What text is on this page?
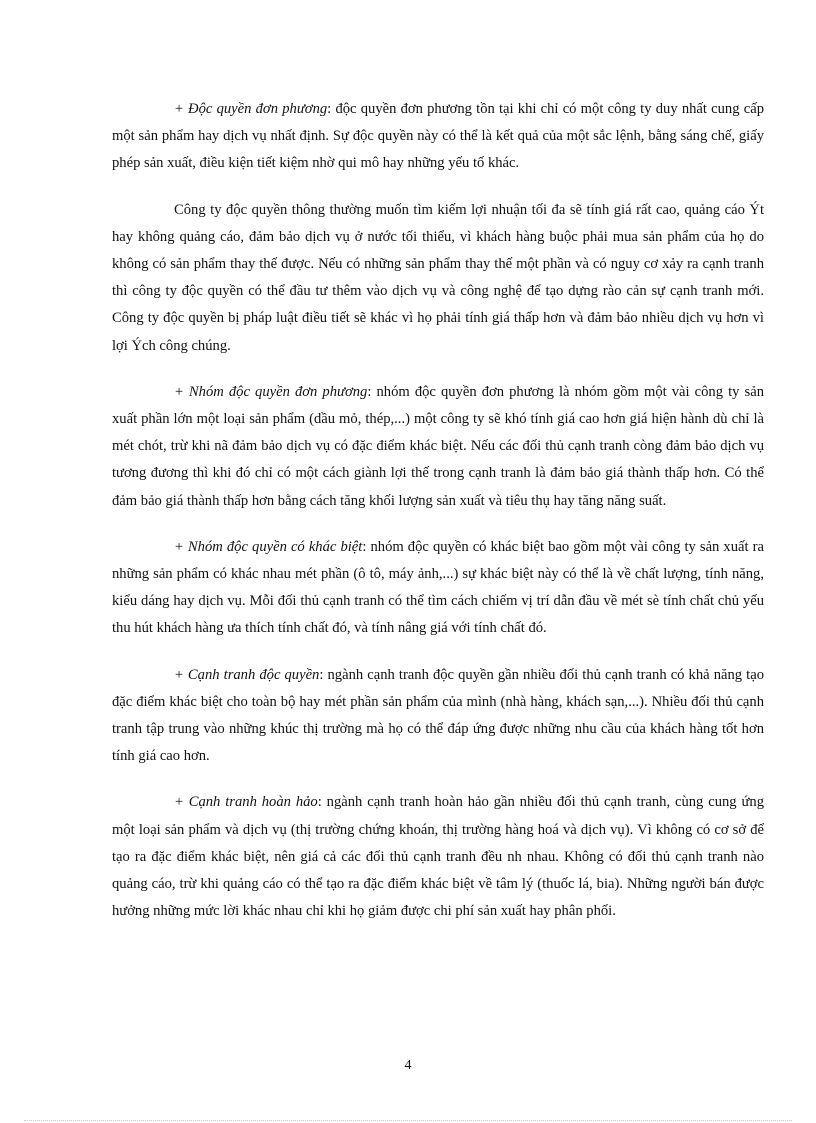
+ Độc quyền đơn phương: độc quyền đơn phương tồn tại khi chỉ có một công ty duy nhất cung cấp một sản phẩm hay dịch vụ nhất định. Sự độc quyền này có thể là kết quả của một sắc lệnh, bằng sáng chế, giấy phép sản xuất, điều kiện tiết kiệm nhờ qui mô hay những yếu tố khác.

Công ty độc quyền thông thường muốn tìm kiếm lợi nhuận tối đa sẽ tính giá rất cao, quảng cáo Ýt hay không quảng cáo, đảm bảo dịch vụ ở nước tối thiểu, vì khách hàng buộc phải mua sản phẩm của họ do không có sản phẩm thay thế được. Nếu có những sản phẩm thay thế một phần và có nguy cơ xảy ra cạnh tranh thì công ty độc quyền có thể đầu tư thêm vào dịch vụ và công nghệ để tạo dựng rào cản sự cạnh tranh mới. Công ty độc quyền bị pháp luật điều tiết sẽ khác vì họ phải tính giá thấp hơn và đảm bảo nhiều dịch vụ hơn vì lợi Ých công chúng.

+ Nhóm độc quyền đơn phương: nhóm độc quyền đơn phương là nhóm gồm một vài công ty sản xuất phần lớn một loại sản phẩm (dầu mỏ, thép,...) một công ty sẽ khó tính giá cao hơn giá hiện hành dù chỉ là mét chót, trừ khi nã đảm bảo dịch vụ có đặc điểm khác biệt. Nếu các đối thủ cạnh tranh còng đảm bảo dịch vụ tương đương thì khi đó chỉ có một cách giành lợi thế trong cạnh tranh là đảm bảo giá thành thấp hơn. Có thể đảm bảo giá thành thấp hơn bằng cách tăng khối lượng sản xuất và tiêu thụ hay tăng năng suất.

+ Nhóm độc quyền có khác biệt: nhóm độc quyền có khác biệt bao gồm một vài công ty sản xuất ra những sản phẩm có khác nhau mét phần (ô tô, máy ảnh,...) sự khác biệt này có thể là về chất lượng, tính năng, kiểu dáng hay dịch vụ. Mỗi đối thủ cạnh tranh có thể tìm cách chiếm vị trí dẫn đầu về mét sè tính chất chủ yếu thu hút khách hàng ưa thích tính chất đó, và tính nâng giá với tính chất đó.

+ Cạnh tranh độc quyền: ngành cạnh tranh độc quyền gần nhiều đối thủ cạnh tranh có khả năng tạo đặc điểm khác biệt cho toàn bộ hay mét phần sản phẩm của mình (nhà hàng, khách sạn,...). Nhiều đối thủ cạnh tranh tập trung vào những khúc thị trường mà họ có thể đáp ứng được những nhu cầu của khách hàng tốt hơn tính giá cao hơn.

+ Cạnh tranh hoàn hảo: ngành cạnh tranh hoàn hảo gần nhiều đối thủ cạnh tranh, cùng cung ứng một loại sản phẩm và dịch vụ (thị trường chứng khoán, thị trường hàng hoá và dịch vụ). Vì không có cơ sở để tạo ra đặc điểm khác biệt, nên giá cả các đối thủ cạnh tranh đều nh nhau. Không có đối thủ cạnh tranh nào quảng cáo, trừ khi quảng cáo có thể tạo ra đặc điểm khác biệt về tâm lý (thuốc lá, bia). Những người bán được hưởng những mức lời khác nhau chỉ khi họ giảm được chi phí sản xuất hay phân phối.

4
